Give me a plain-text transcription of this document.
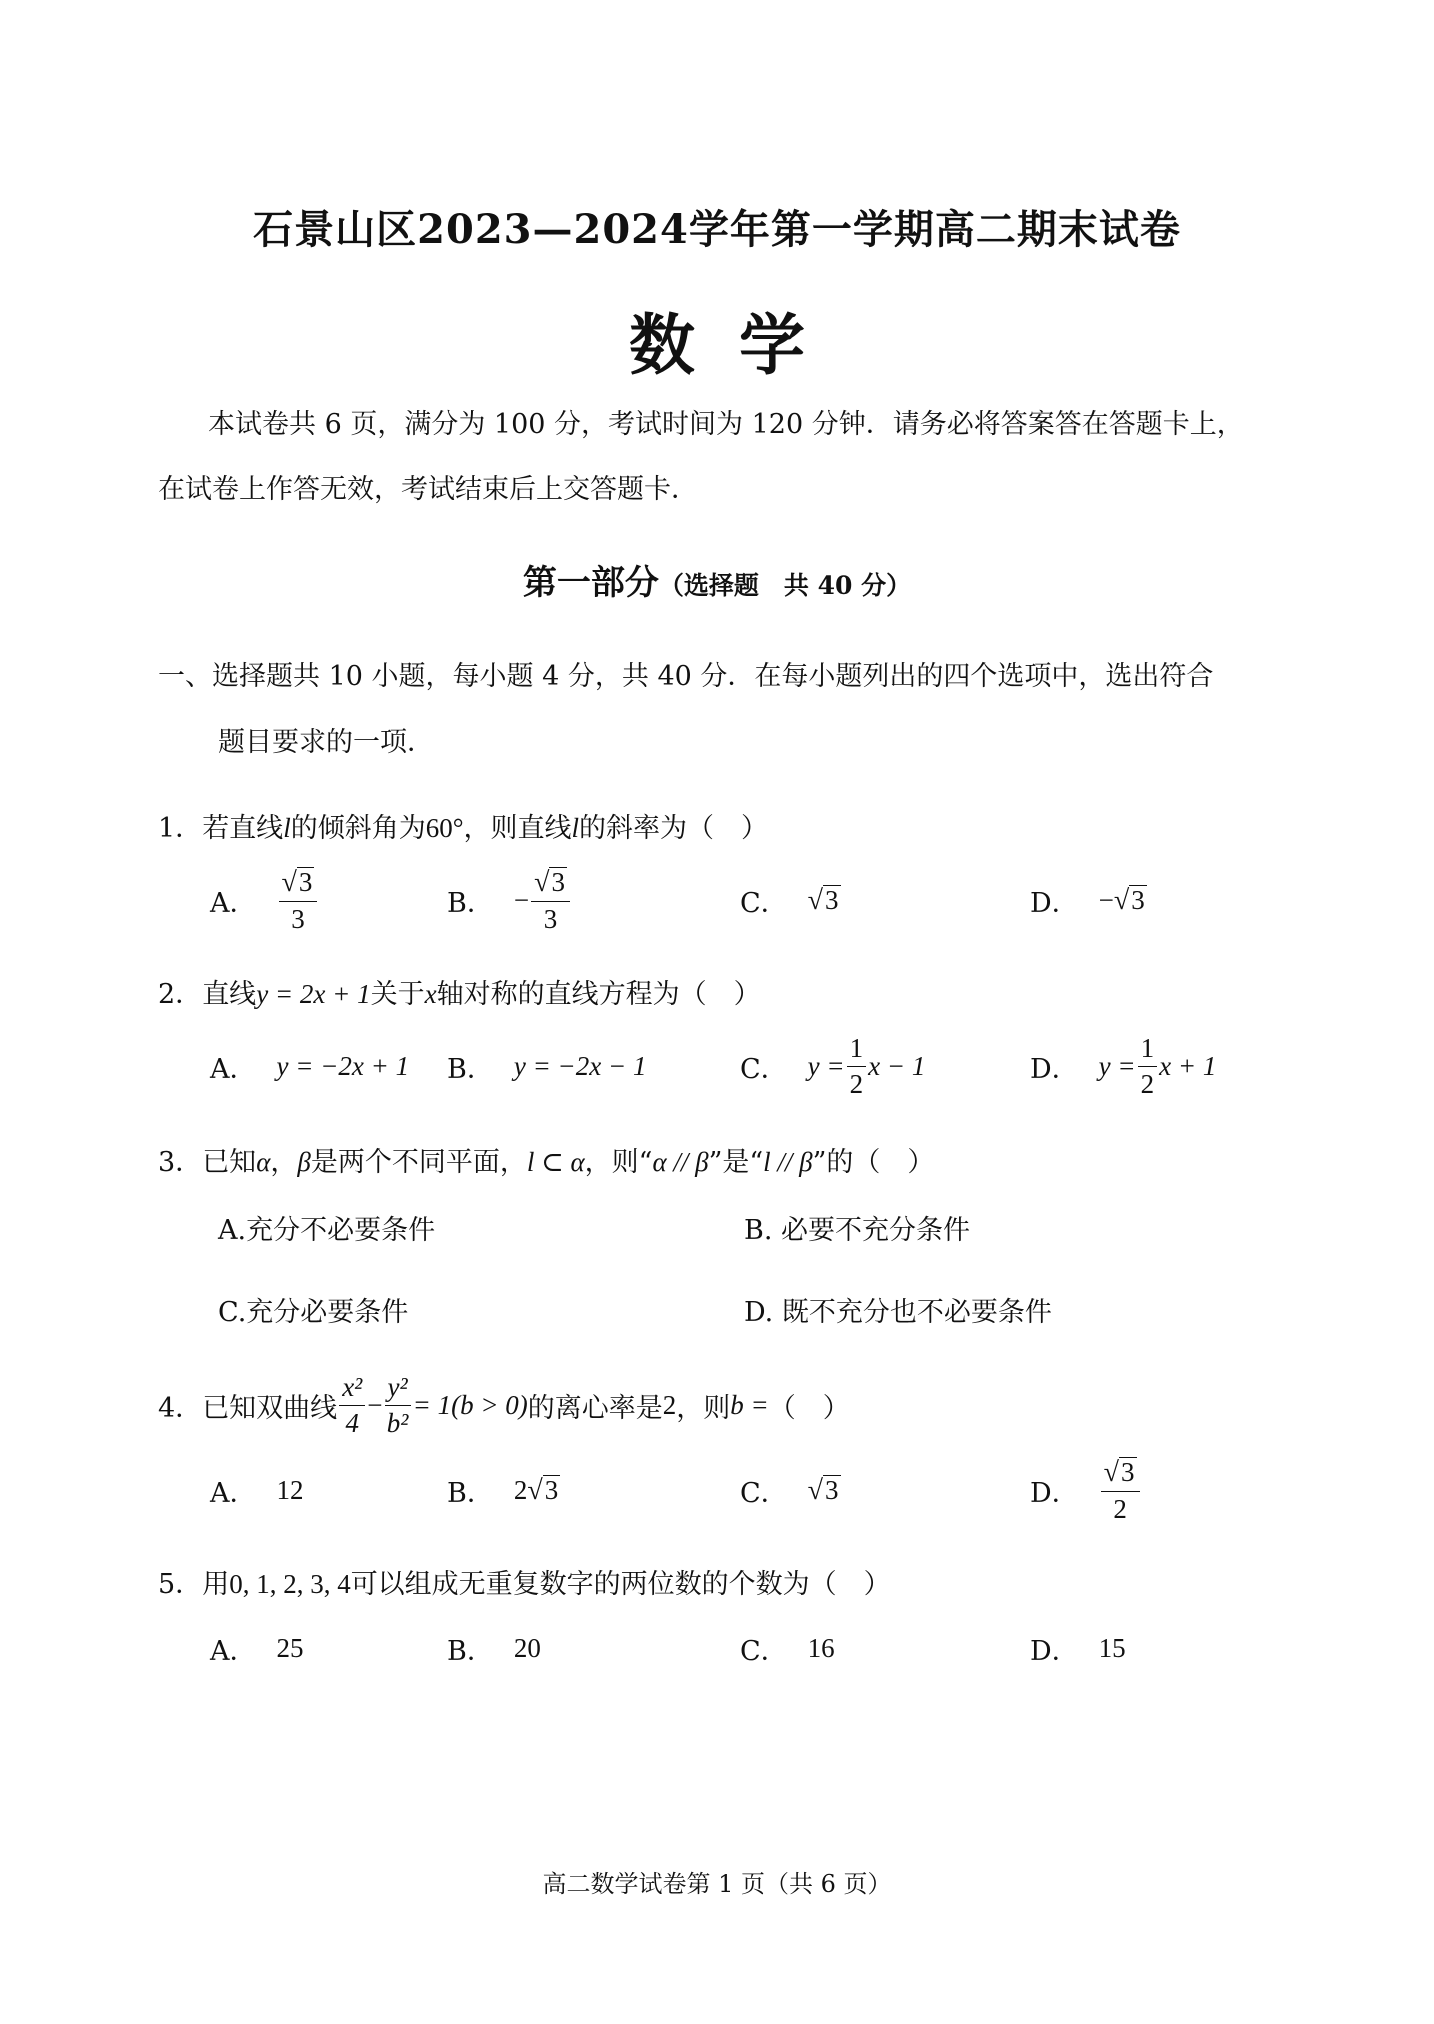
石景山区2023—2024学年第一学期高二期末试卷
数学
本试卷共 6 页，满分为 100 分，考试时间为 120 分钟．请务必将答案答在答题卡上，
在试卷上作答无效，考试结束后上交答题卡．
第一部分（选择题　共 40 分）
一、选择题共 10 小题，每小题 4 分，共 40 分．在每小题列出的四个选项中，选出符合
题目要求的一项．
1．若直线l的倾斜角为60°，则直线l的斜率为（　）
A． $\frac{√ 3}{3}$	B． − $\frac{√ 3}{3}$	C． √ 3	D． − √ 3
2．直线y = 2x + 1关于x轴对称的直线方程为（　）
A． y = −2x + 1 B． y = −2x − 1	C． $y = \frac{1}{2}$ x − 1	D． $y = \frac{1}{2}$ x + 1
3．已知α，β是两个不同平面，l ⊂ α，则“α // β”是“l // β”的（　）
A.充分不必要条件	B. 必要不充分条件
C.充分必要条件	D. 既不充分也不必要条件
4． 已知双曲线 $\frac{\text{x²}}{4} - \frac{\text{y²}}{\text{b²}} = 1(b > 0)$ 的离心率是 2 ，则 b = （　）
A． 12	B． 2 √ 3	C． √ 3	D． $\frac{√ 3}{2}$
5．用0, 1, 2, 3, 4可以组成无重复数字的两位数的个数为（　）
A． 25	B． 20	C． 16	D． 15
高二数学试卷第 1 页（共 6 页）
